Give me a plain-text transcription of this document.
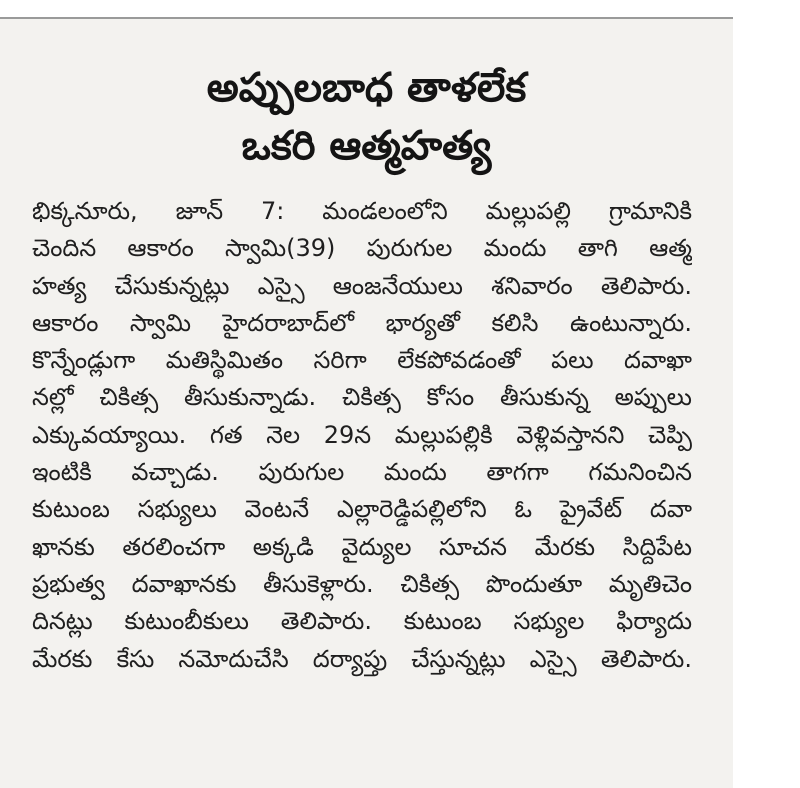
అప్పులబాధ తాళలేక
ఒకరి ఆత్మహత్య
భిక్కనూరు, జూన్ 7: మండలంలోని మల్లుపల్లి గ్రామానికి
చెందిన ఆకారం స్వామి(39) పురుగుల మందు తాగి ఆత్మ
హత్య చేసుకున్నట్లు ఎస్సై ఆంజనేయులు శనివారం తెలిపారు.
ఆకారం స్వామి హైదరాబాద్‌లో భార్యతో కలిసి ఉంటున్నారు.
కొన్నేండ్లుగా మతిస్థిమితం సరిగా లేకపోవడంతో పలు దవాఖా
నల్లో చికిత్స తీసుకున్నాడు. చికిత్స కోసం తీసుకున్న అప్పులు
ఎక్కువయ్యాయి. గత నెల 29న మల్లుపల్లికి వెళ్లివస్తానని చెప్పి
ఇంటికి వచ్చాడు. పురుగుల మందు తాగగా గమనించిన
కుటుంబ సభ్యులు వెంటనే ఎల్లారెడ్డిపల్లిలోని ఓ ప్రైవేట్ దవా
ఖానకు తరలించగా అక్కడి వైద్యుల సూచన మేరకు సిద్దిపేట
ప్రభుత్వ దవాఖానకు తీసుకెళ్లారు. చికిత్స పొందుతూ మృతిచెం
దినట్లు కుటుంబీకులు తెలిపారు. కుటుంబ సభ్యుల ఫిర్యాదు
మేరకు కేసు నమోదుచేసి దర్యాప్తు చేస్తున్నట్లు ఎస్సై తెలిపారు.
